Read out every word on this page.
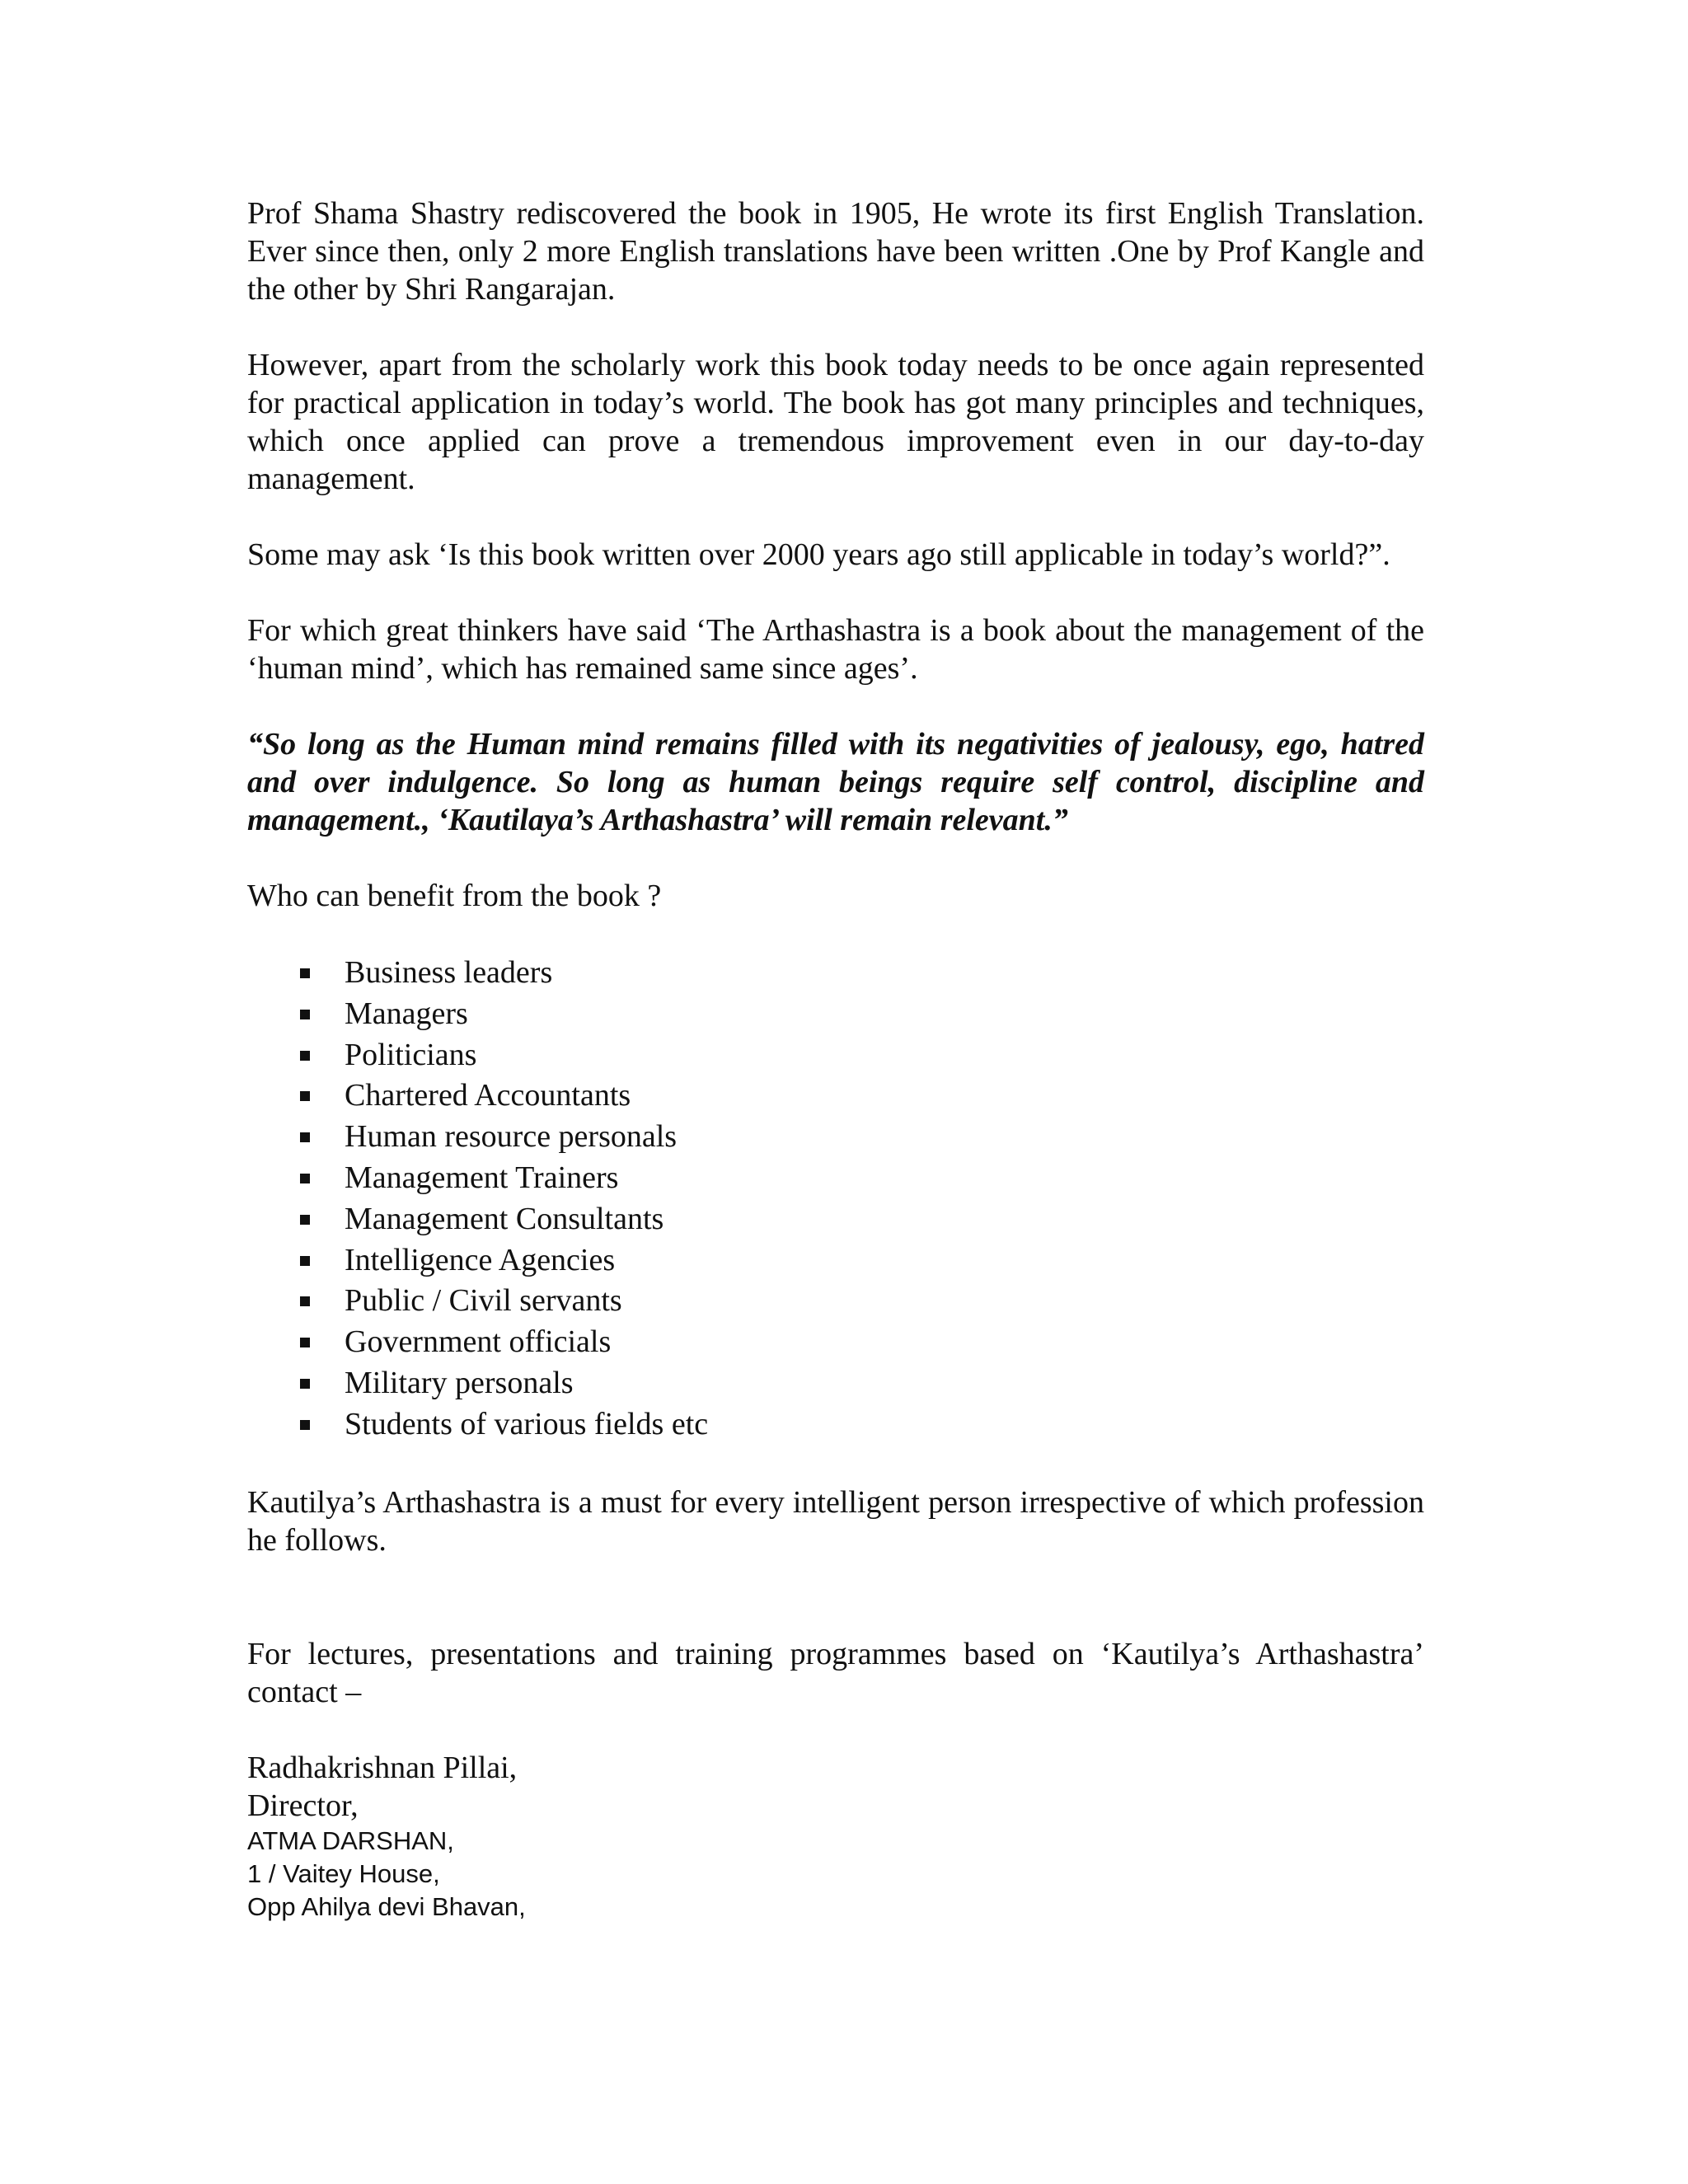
Prof Shama Shastry rediscovered the book in 1905, He wrote its first English Translation. Ever since then, only 2 more English translations have been written .One by Prof Kangle and the other by Shri Rangarajan.

However, apart from the scholarly work this book today needs to be once again represented for practical application in today’s world. The book has got many principles and techniques, which once applied can prove a tremendous improvement even in our day-to-day management.

Some may ask ‘Is this book written over 2000 years ago still applicable in today’s world?”.

For which great thinkers have said ‘The Arthashastra is a book about the management of the ‘human mind’, which has remained same since ages’.

“So long as the Human mind remains filled with its negativities of jealousy, ego, hatred and over indulgence. So long as human beings require self control, discipline and management., ‘Kautilaya’s Arthashastra’ will remain relevant.”

Who can benefit from the book ?

Business leaders
Managers
Politicians
Chartered Accountants
Human resource personals
Management Trainers
Management Consultants
Intelligence Agencies
Public / Civil servants
Government officials
Military personals
Students of various fields etc

Kautilya’s Arthashastra is a must for every intelligent person irrespective of which profession he follows.

For lectures, presentations and training programmes based on ‘Kautilya’s Arthashastra’ contact –

Radhakrishnan Pillai,
Director,
ATMA DARSHAN,
1 / Vaitey House,
Opp Ahilya devi Bhavan,
